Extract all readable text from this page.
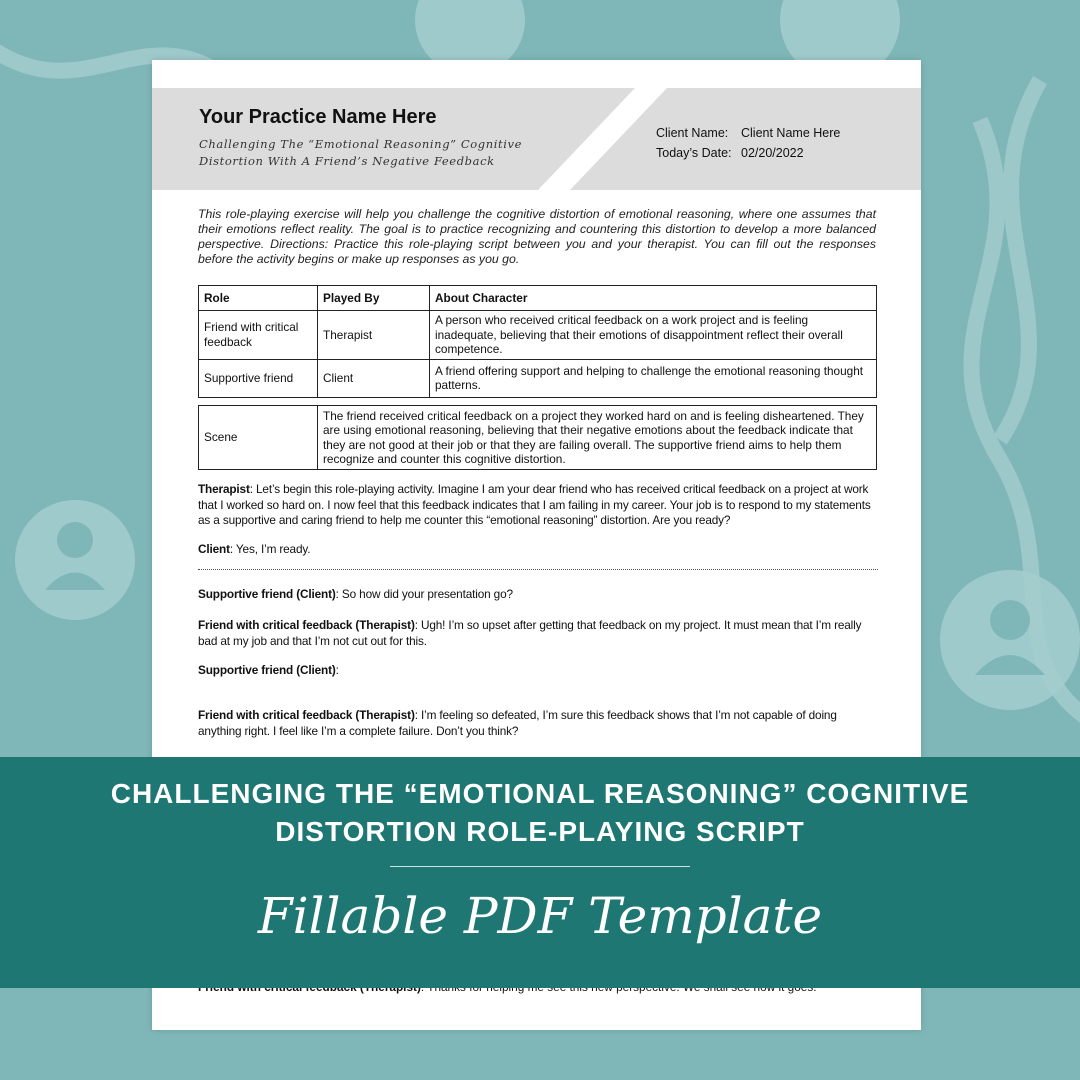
Your Practice Name Here
Challenging The “Emotional Reasoning” Cognitive
Distortion With A Friend’s Negative Feedback
Client Name: Client Name Here
Today’s Date: 02/20/2022
This role-playing exercise will help you challenge the cognitive distortion of emotional reasoning, where one assumes that their emotions reflect reality. The goal is to practice recognizing and countering this distortion to develop a more balanced perspective. Directions: Practice this role-playing script between you and your therapist. You can fill out the responses before the activity begins or make up responses as you go.
Role	Played By	About Character
Friend with critical feedback	Therapist	A person who received critical feedback on a work project and is feeling inadequate, believing that their emotions of disappointment reflect their overall competence.
Supportive friend	Client	A friend offering support and helping to challenge the emotional reasoning thought patterns.
Scene	The friend received critical feedback on a project they worked hard on and is feeling disheartened. They are using emotional reasoning, believing that their negative emotions about the feedback indicate that they are not good at their job or that they are failing overall. The supportive friend aims to help them recognize and counter this cognitive distortion.
Therapist: Let’s begin this role-playing activity. Imagine I am your dear friend who has received critical feedback on a project at work that I worked so hard on. I now feel that this feedback indicates that I am failing in my career. Your job is to respond to my statements as a supportive and caring friend to help me counter this “emotional reasoning” distortion. Are you ready?
Client: Yes, I’m ready.
Supportive friend (Client): So how did your presentation go?
Friend with critical feedback (Therapist): Ugh! I’m so upset after getting that feedback on my project. It must mean that I’m really bad at my job and that I’m not cut out for this.
Supportive friend (Client):
Friend with critical feedback (Therapist): I’m feeling so defeated, I’m sure this feedback shows that I’m not capable of doing anything right. I feel like I’m a complete failure. Don’t you think?
CHALLENGING THE “EMOTIONAL REASONING” COGNITIVE
DISTORTION ROLE-PLAYING SCRIPT
Fillable PDF Template
